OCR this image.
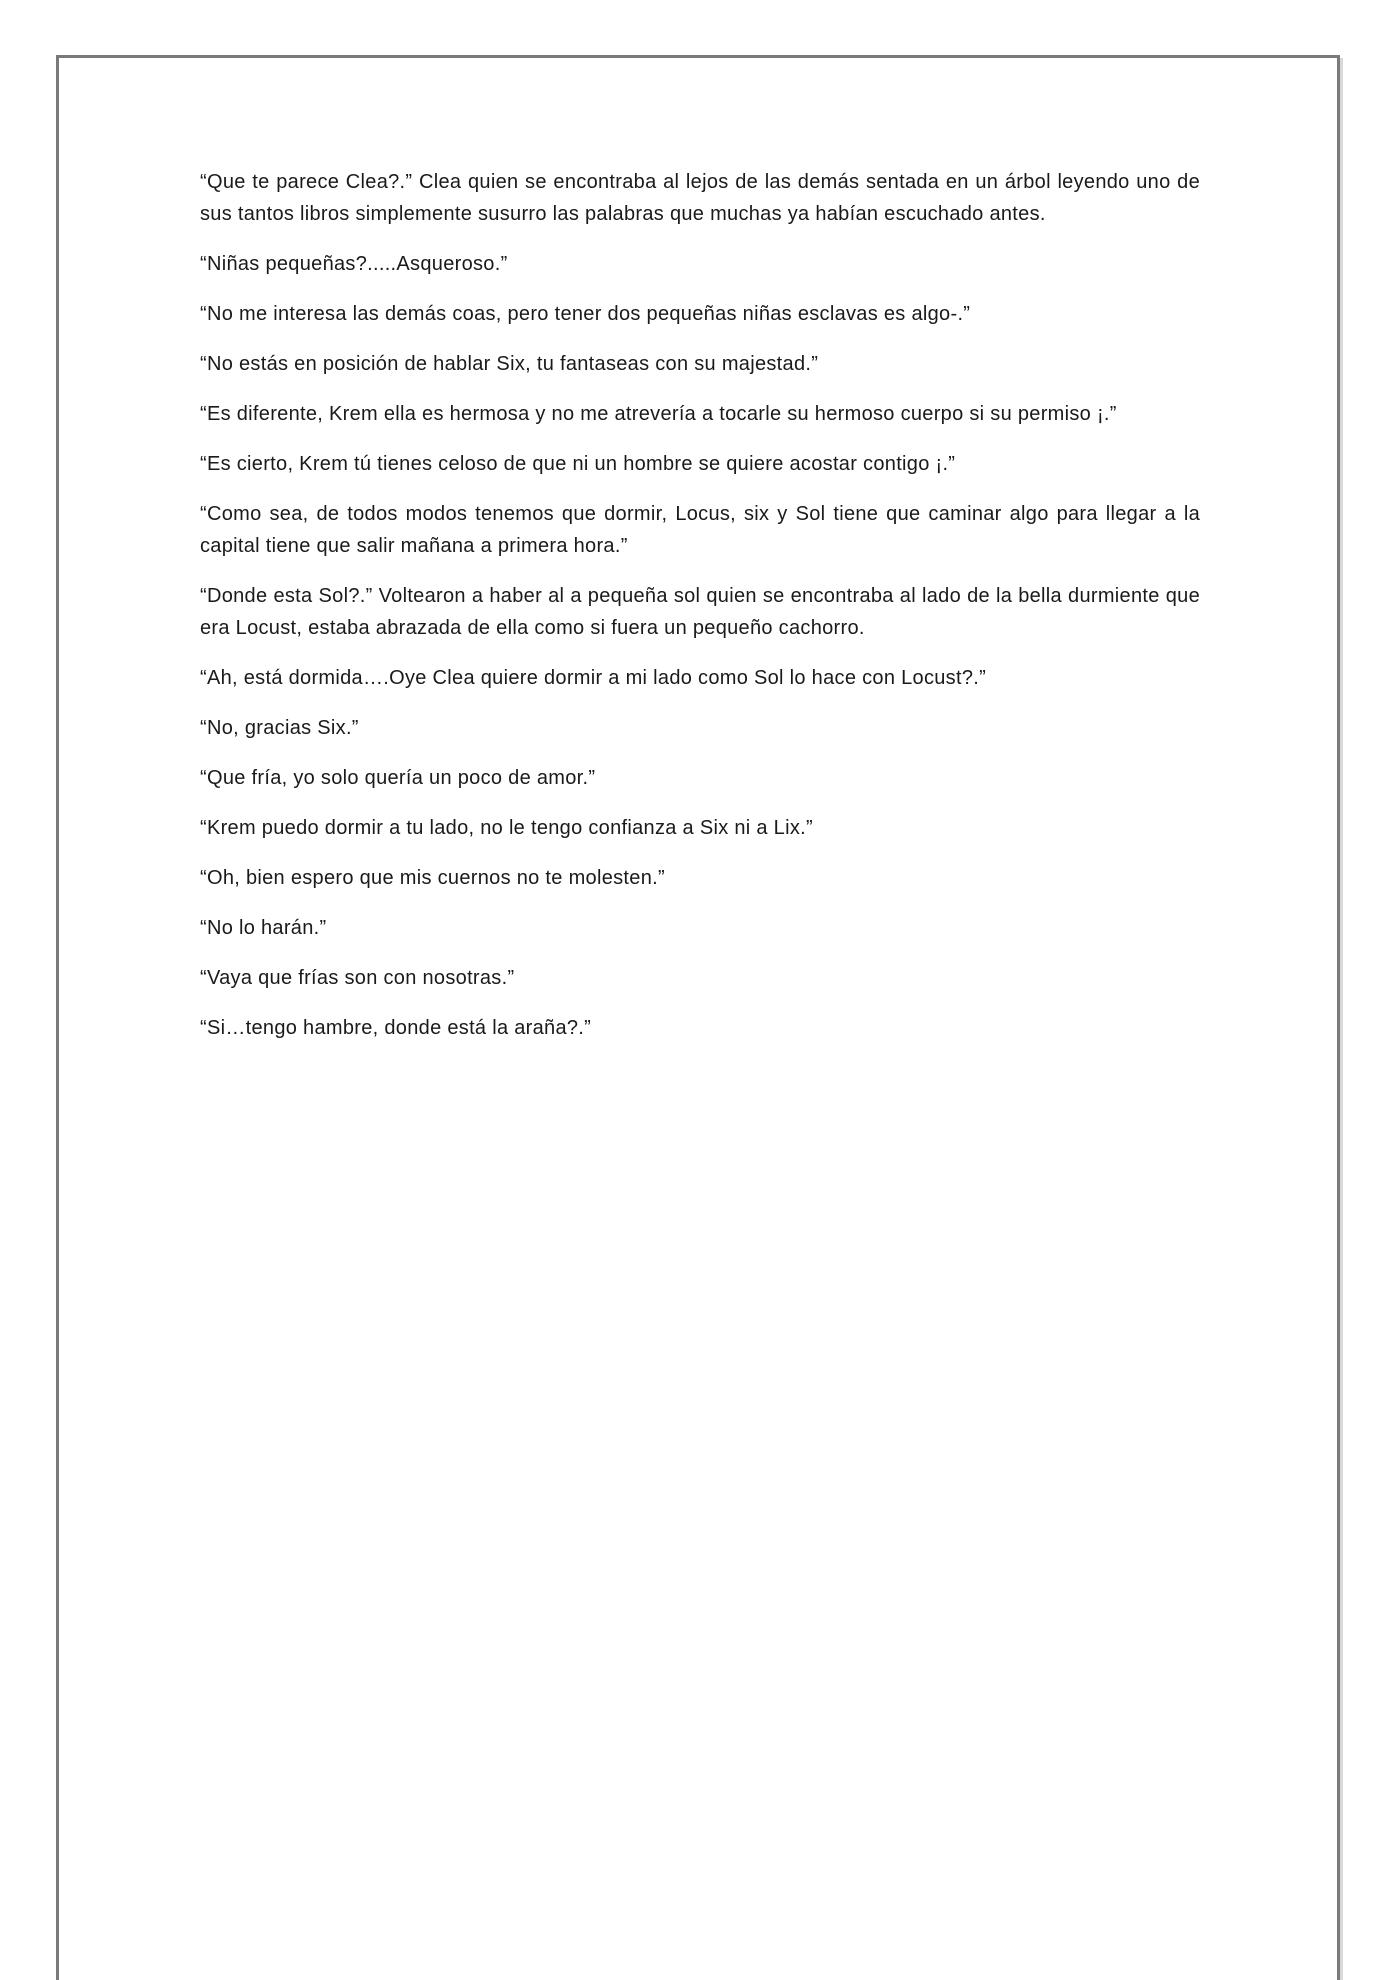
“Que te parece Clea?.” Clea quien se encontraba al lejos de las demás sentada en un árbol leyendo uno de sus tantos libros simplemente susurro las palabras que muchas ya habían escuchado antes.

“Niñas pequeñas?.....Asqueroso.”

“No me interesa las demás coas, pero tener dos pequeñas niñas esclavas es algo-.”

“No estás en posición de hablar Six, tu fantaseas con su majestad.”

“Es diferente, Krem ella es hermosa y no me atrevería a tocarle su hermoso cuerpo si su permiso ¡.”

“Es cierto, Krem tú tienes celoso de que ni un hombre se quiere acostar contigo ¡.”

“Como sea, de todos modos tenemos que dormir, Locus, six y Sol tiene que caminar algo para llegar a la capital tiene que salir mañana a primera hora.”

“Donde esta Sol?.” Voltearon a haber al a pequeña sol quien se encontraba al lado de la bella durmiente que era Locust, estaba abrazada de ella como si fuera un pequeño cachorro.

“Ah, está dormida….Oye Clea quiere dormir a mi lado como Sol lo hace con Locust?.”

“No, gracias Six.”

“Que fría, yo solo quería un poco de amor.”

“Krem puedo dormir a tu lado, no le tengo confianza a Six ni a Lix.”

“Oh, bien espero que mis cuernos no te molesten.”

“No lo harán.”

“Vaya que frías son con nosotras.”

“Si…tengo hambre, donde está la araña?.”
